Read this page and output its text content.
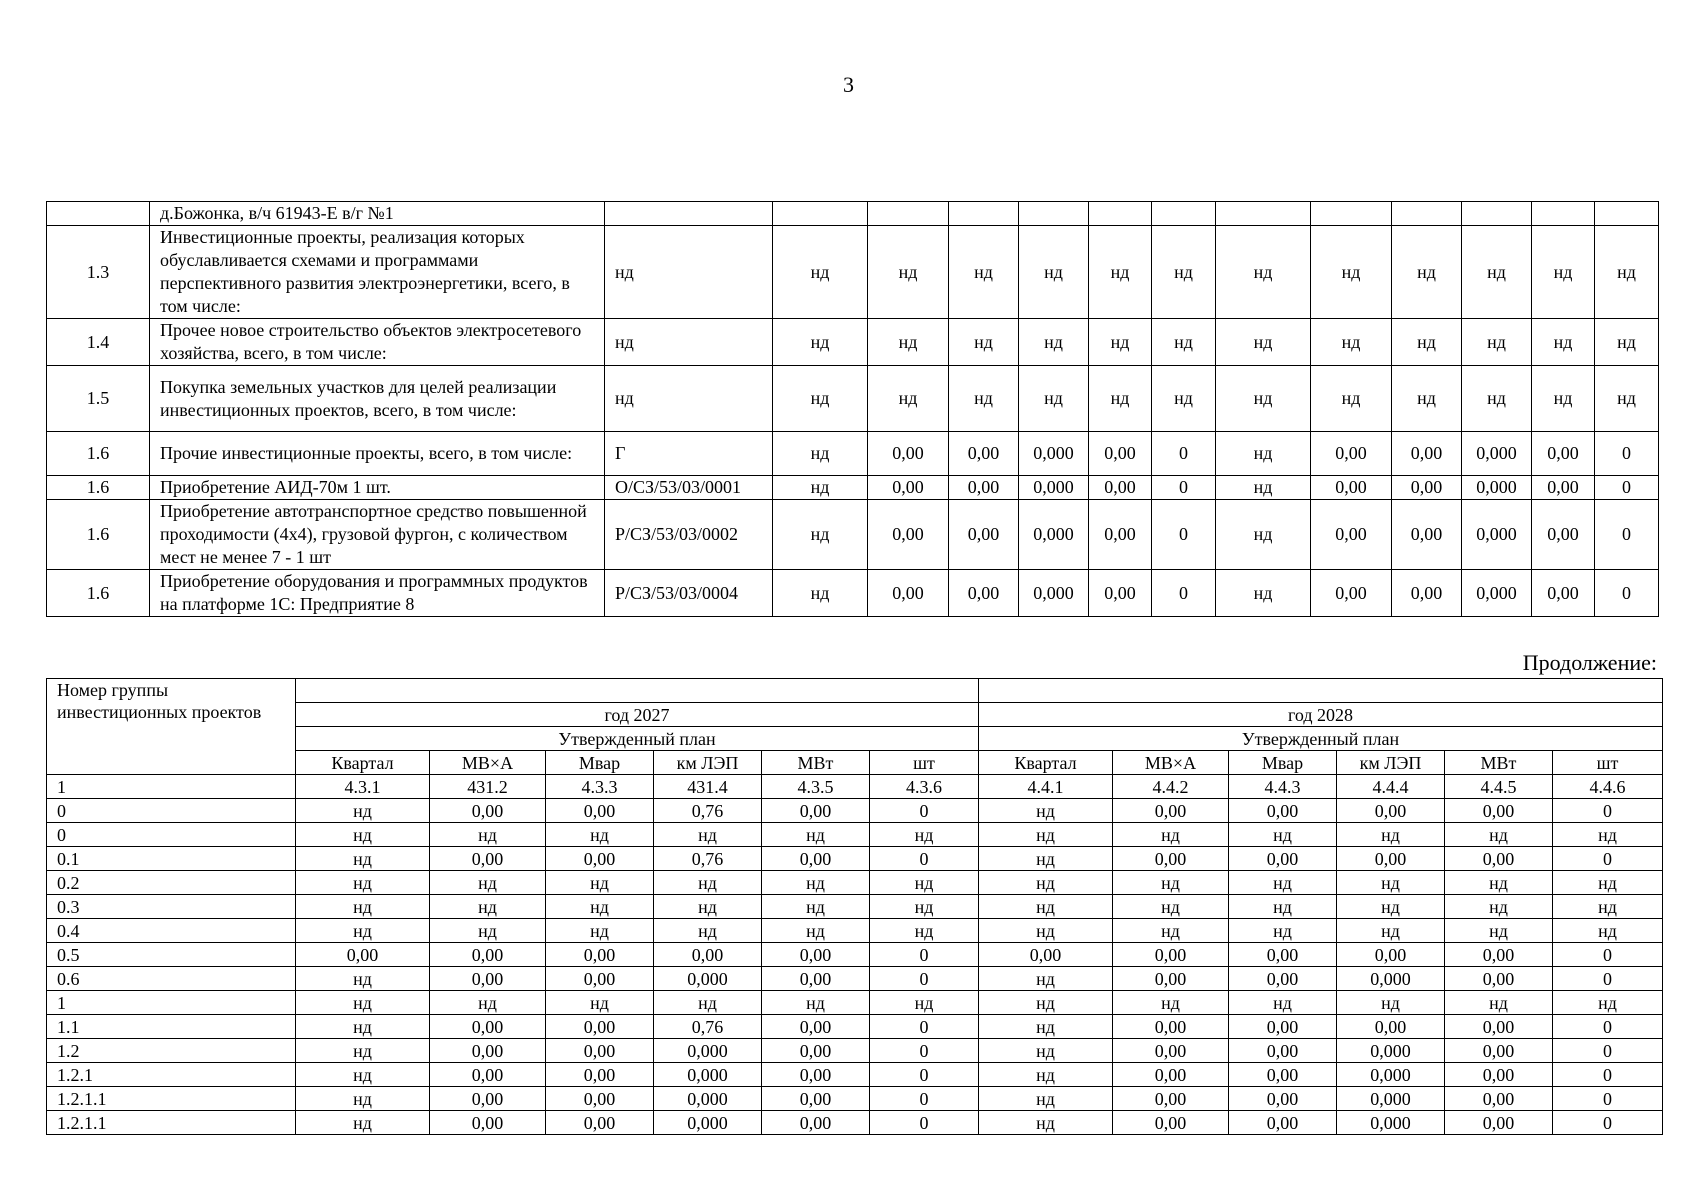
3
	д.Божонка, в/ч 61943-Е в/г №1													
1.3	Инвестиционные проекты, реализация которых обуславливается схемами и программами перспективного развития электроэнергетики, всего, в том числе:	нд	нд	нд	нд	нд	нд	нд	нд	нд	нд	нд	нд	нд
1.4	Прочее новое строительство объектов электросетевого хозяйства, всего, в том числе:	нд	нд	нд	нд	нд	нд	нд	нд	нд	нд	нд	нд	нд
1.5	Покупка земельных участков для целей реализации инвестиционных проектов, всего, в том числе:	нд	нд	нд	нд	нд	нд	нд	нд	нд	нд	нд	нд	нд
1.6	Прочие инвестиционные проекты, всего, в том числе:	Г	нд	0,00	0,00	0,000	0,00	0	нд	0,00	0,00	0,000	0,00	0
1.6	Приобретение АИД-70м 1 шт.	О/СЗ/53/03/0001	нд	0,00	0,00	0,000	0,00	0	нд	0,00	0,00	0,000	0,00	0
1.6	Приобретение автотранспортное средство повышенной проходимости (4х4), грузовой фургон, с количеством мест не менее 7 - 1 шт	Р/СЗ/53/03/0002	нд	0,00	0,00	0,000	0,00	0	нд	0,00	0,00	0,000	0,00	0
1.6	Приобретение оборудования и программных продуктов на платформе 1С: Предприятие 8	Р/СЗ/53/03/0004	нд	0,00	0,00	0,000	0,00	0	нд	0,00	0,00	0,000	0,00	0
Продолжение:
Номер группы инвестиционных проектов												
	год 2027						год 2028					
	Утвержденный план						Утвержденный план					
	Квартал	МВ×А	Мвар	км ЛЭП	МВт	шт	Квартал	МВ×А	Мвар	км ЛЭП	МВт	шт
1	4.3.1	431.2	4.3.3	431.4	4.3.5	4.3.6	4.4.1	4.4.2	4.4.3	4.4.4	4.4.5	4.4.6
0	нд	0,00	0,00	0,76	0,00	0	нд	0,00	0,00	0,00	0,00	0
0	нд	нд	нд	нд	нд	нд	нд	нд	нд	нд	нд	нд
0.1	нд	0,00	0,00	0,76	0,00	0	нд	0,00	0,00	0,00	0,00	0
0.2	нд	нд	нд	нд	нд	нд	нд	нд	нд	нд	нд	нд
0.3	нд	нд	нд	нд	нд	нд	нд	нд	нд	нд	нд	нд
0.4	нд	нд	нд	нд	нд	нд	нд	нд	нд	нд	нд	нд
0.5	0,00	0,00	0,00	0,00	0,00	0	0,00	0,00	0,00	0,00	0,00	0
0.6	нд	0,00	0,00	0,000	0,00	0	нд	0,00	0,00	0,000	0,00	0
1	нд	нд	нд	нд	нд	нд	нд	нд	нд	нд	нд	нд
1.1	нд	0,00	0,00	0,76	0,00	0	нд	0,00	0,00	0,00	0,00	0
1.2	нд	0,00	0,00	0,000	0,00	0	нд	0,00	0,00	0,000	0,00	0
1.2.1	нд	0,00	0,00	0,000	0,00	0	нд	0,00	0,00	0,000	0,00	0
1.2.1.1	нд	0,00	0,00	0,000	0,00	0	нд	0,00	0,00	0,000	0,00	0
1.2.1.1	нд	0,00	0,00	0,000	0,00	0	нд	0,00	0,00	0,000	0,00	0
